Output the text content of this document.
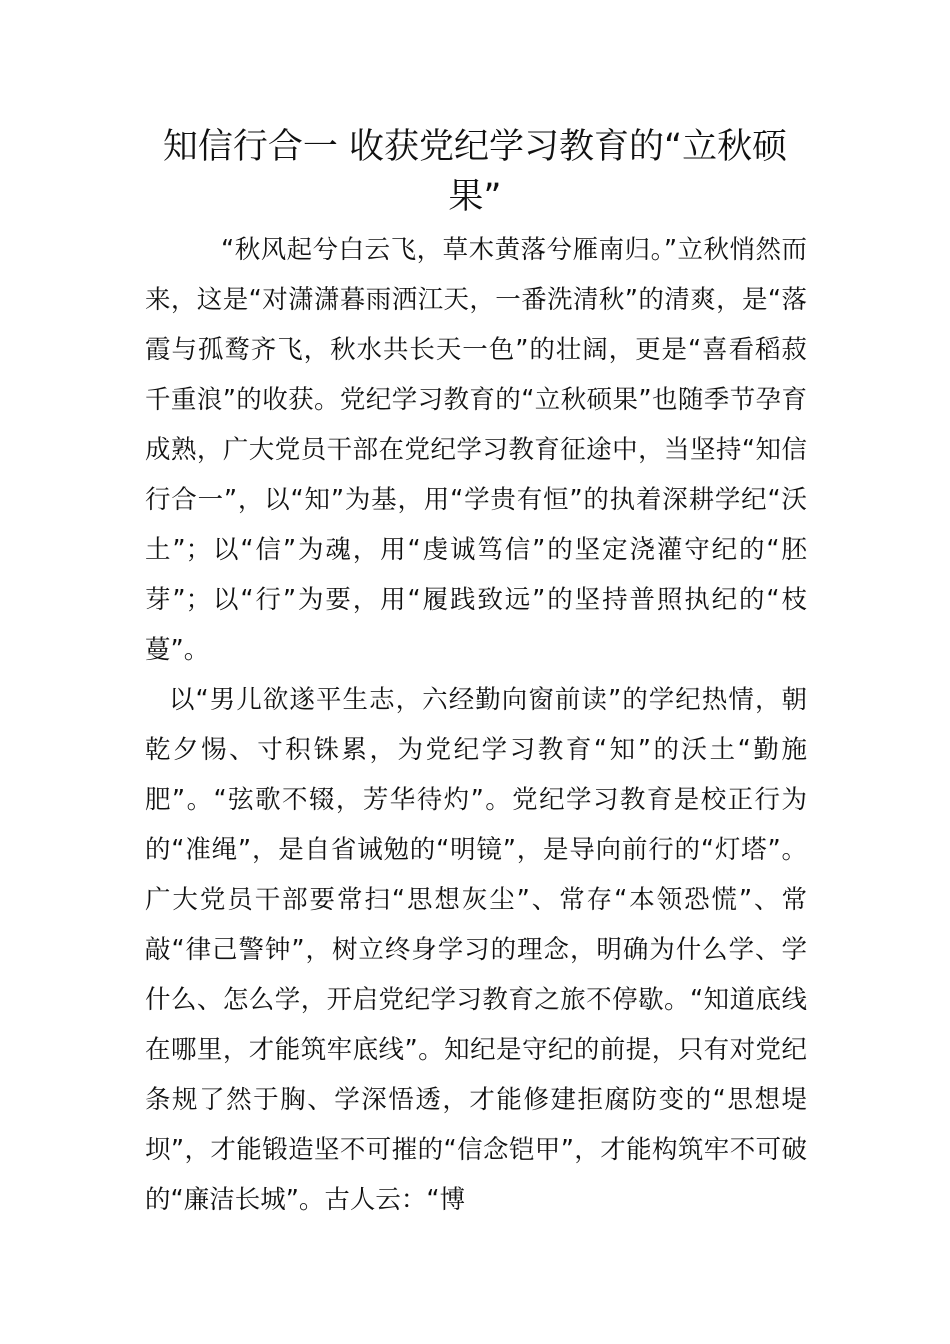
知信行合一 收获党纪学习教育的“立秋硕果”

“秋风起兮白云飞，草木黄落兮雁南归。”立秋悄然而来，这是“对潇潇暮雨洒江天，一番洗清秋”的清爽，是“落霞与孤鹜齐飞，秋水共长天一色”的壮阔，更是“喜看稻菽千重浪”的收获。党纪学习教育的“立秋硕果”也随季节孕育成熟，广大党员干部在党纪学习教育征途中，当坚持“知信行合一”，以“知”为基，用“学贵有恒”的执着深耕学纪“沃土”；以“信”为魂，用“虔诚笃信”的坚定浇灌守纪的“胚芽”；以“行”为要，用“履践致远”的坚持普照执纪的“枝蔓”。

以“男儿欲遂平生志，六经勤向窗前读”的学纪热情，朝乾夕惕、寸积铢累，为党纪学习教育“知”的沃土“勤施肥”。“弦歌不辍，芳华待灼”。党纪学习教育是校正行为的“准绳”，是自省诫勉的“明镜”，是导向前行的“灯塔”。广大党员干部要常扫“思想灰尘”、常存“本领恐慌”、常敲“律己警钟”，树立终身学习的理念，明确为什么学、学什么、怎么学，开启党纪学习教育之旅不停歇。“知道底线在哪里，才能筑牢底线”。知纪是守纪的前提，只有对党纪条规了然于胸、学深悟透，才能修建拒腐防变的“思想堤坝”，才能锻造坚不可摧的“信念铠甲”，才能构筑牢不可破的“廉洁长城”。古人云：“博
